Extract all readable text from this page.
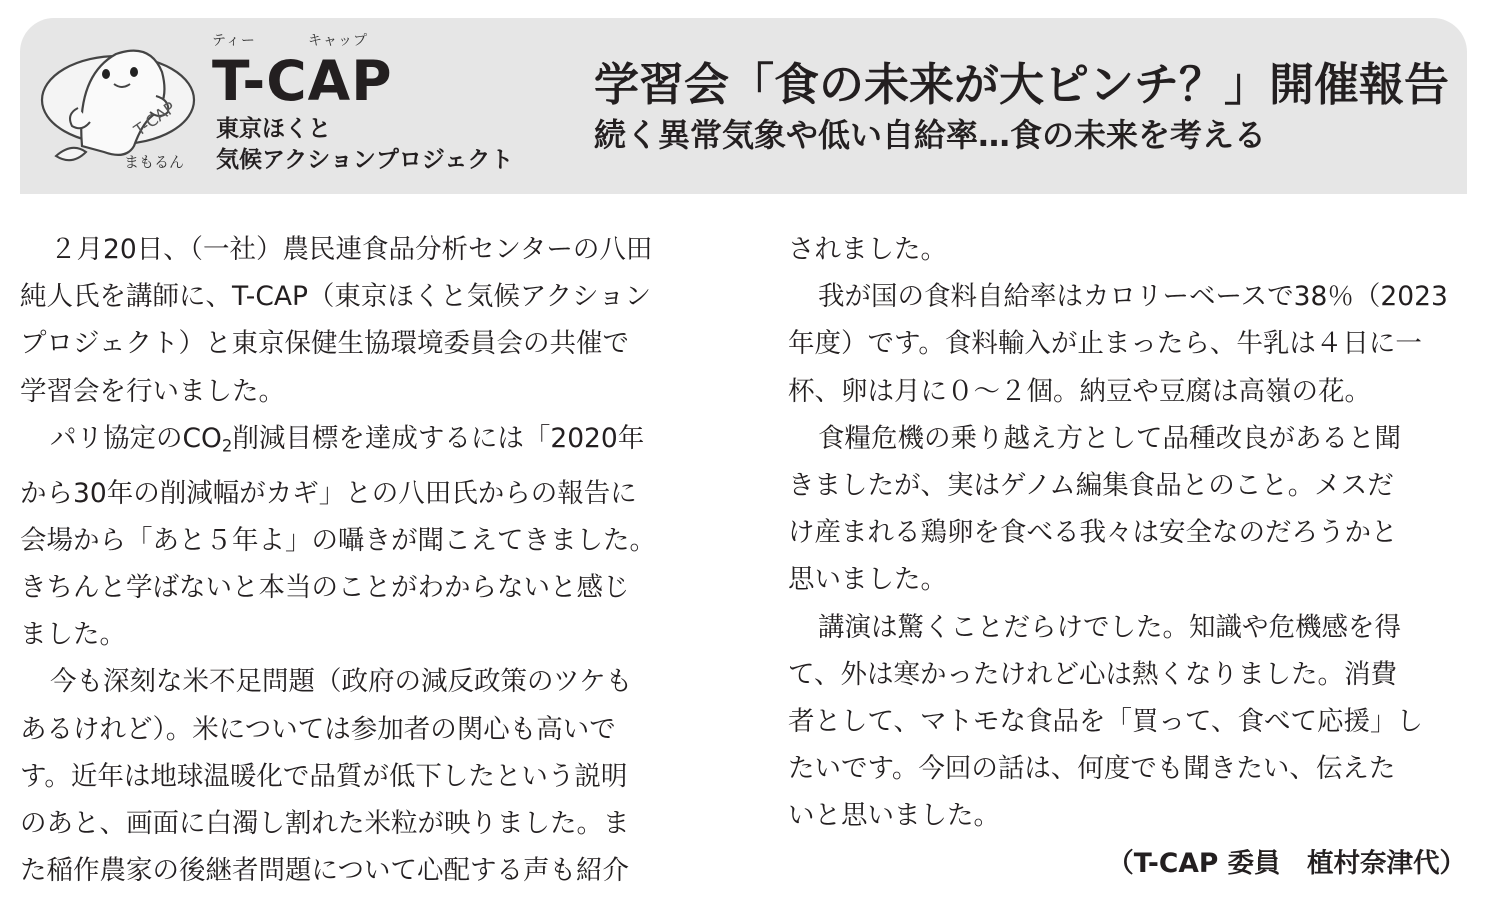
T-CAP
まもるん
ティー	キャップ
T-CAP
東京ほくと
気候アクションプロジェクト
学習会「食の未来が大ピンチ？」開催報告
続く異常気象や低い自給率…食の未来を考える

２月20日、（一社）農民連食品分析センターの八田

純人氏を講師に、T-CAP（東京ほくと気候アクション

プロジェクト）と東京保健生協環境委員会の共催で

学習会を行いました。

パリ協定の$CO_2$削減目標を達成するには「2020年

から30年の削減幅がカギ」との八田氏からの報告に

会場から「あと５年よ」の囁きが聞こえてきました。

きちんと学ばないと本当のことがわからないと感じ

ました。

今も深刻な米不足問題（政府の減反政策のツケも

あるけれど）。米については参加者の関心も高いで

す。近年は地球温暖化で品質が低下したという説明

のあと、画面に白濁し割れた米粒が映りました。ま

た稲作農家の後継者問題について心配する声も紹介

されました。

我が国の食料自給率はカロリーベースで38％（2023

年度）です。食料輸入が止まったら、牛乳は４日に一

杯、卵は月に０～２個。納豆や豆腐は高嶺の花。

食糧危機の乗り越え方として品種改良があると聞

きましたが、実はゲノム編集食品とのこと。メスだ

け産まれる鶏卵を食べる我々は安全なのだろうかと

思いました。

講演は驚くことだらけでした。知識や危機感を得

て、外は寒かったけれど心は熱くなりました。消費

者として、マトモな食品を「買って、食べて応援」し

たいです。今回の話は、何度でも聞きたい、伝えた

いと思いました。

（T-CAP 委員　植村奈津代）
